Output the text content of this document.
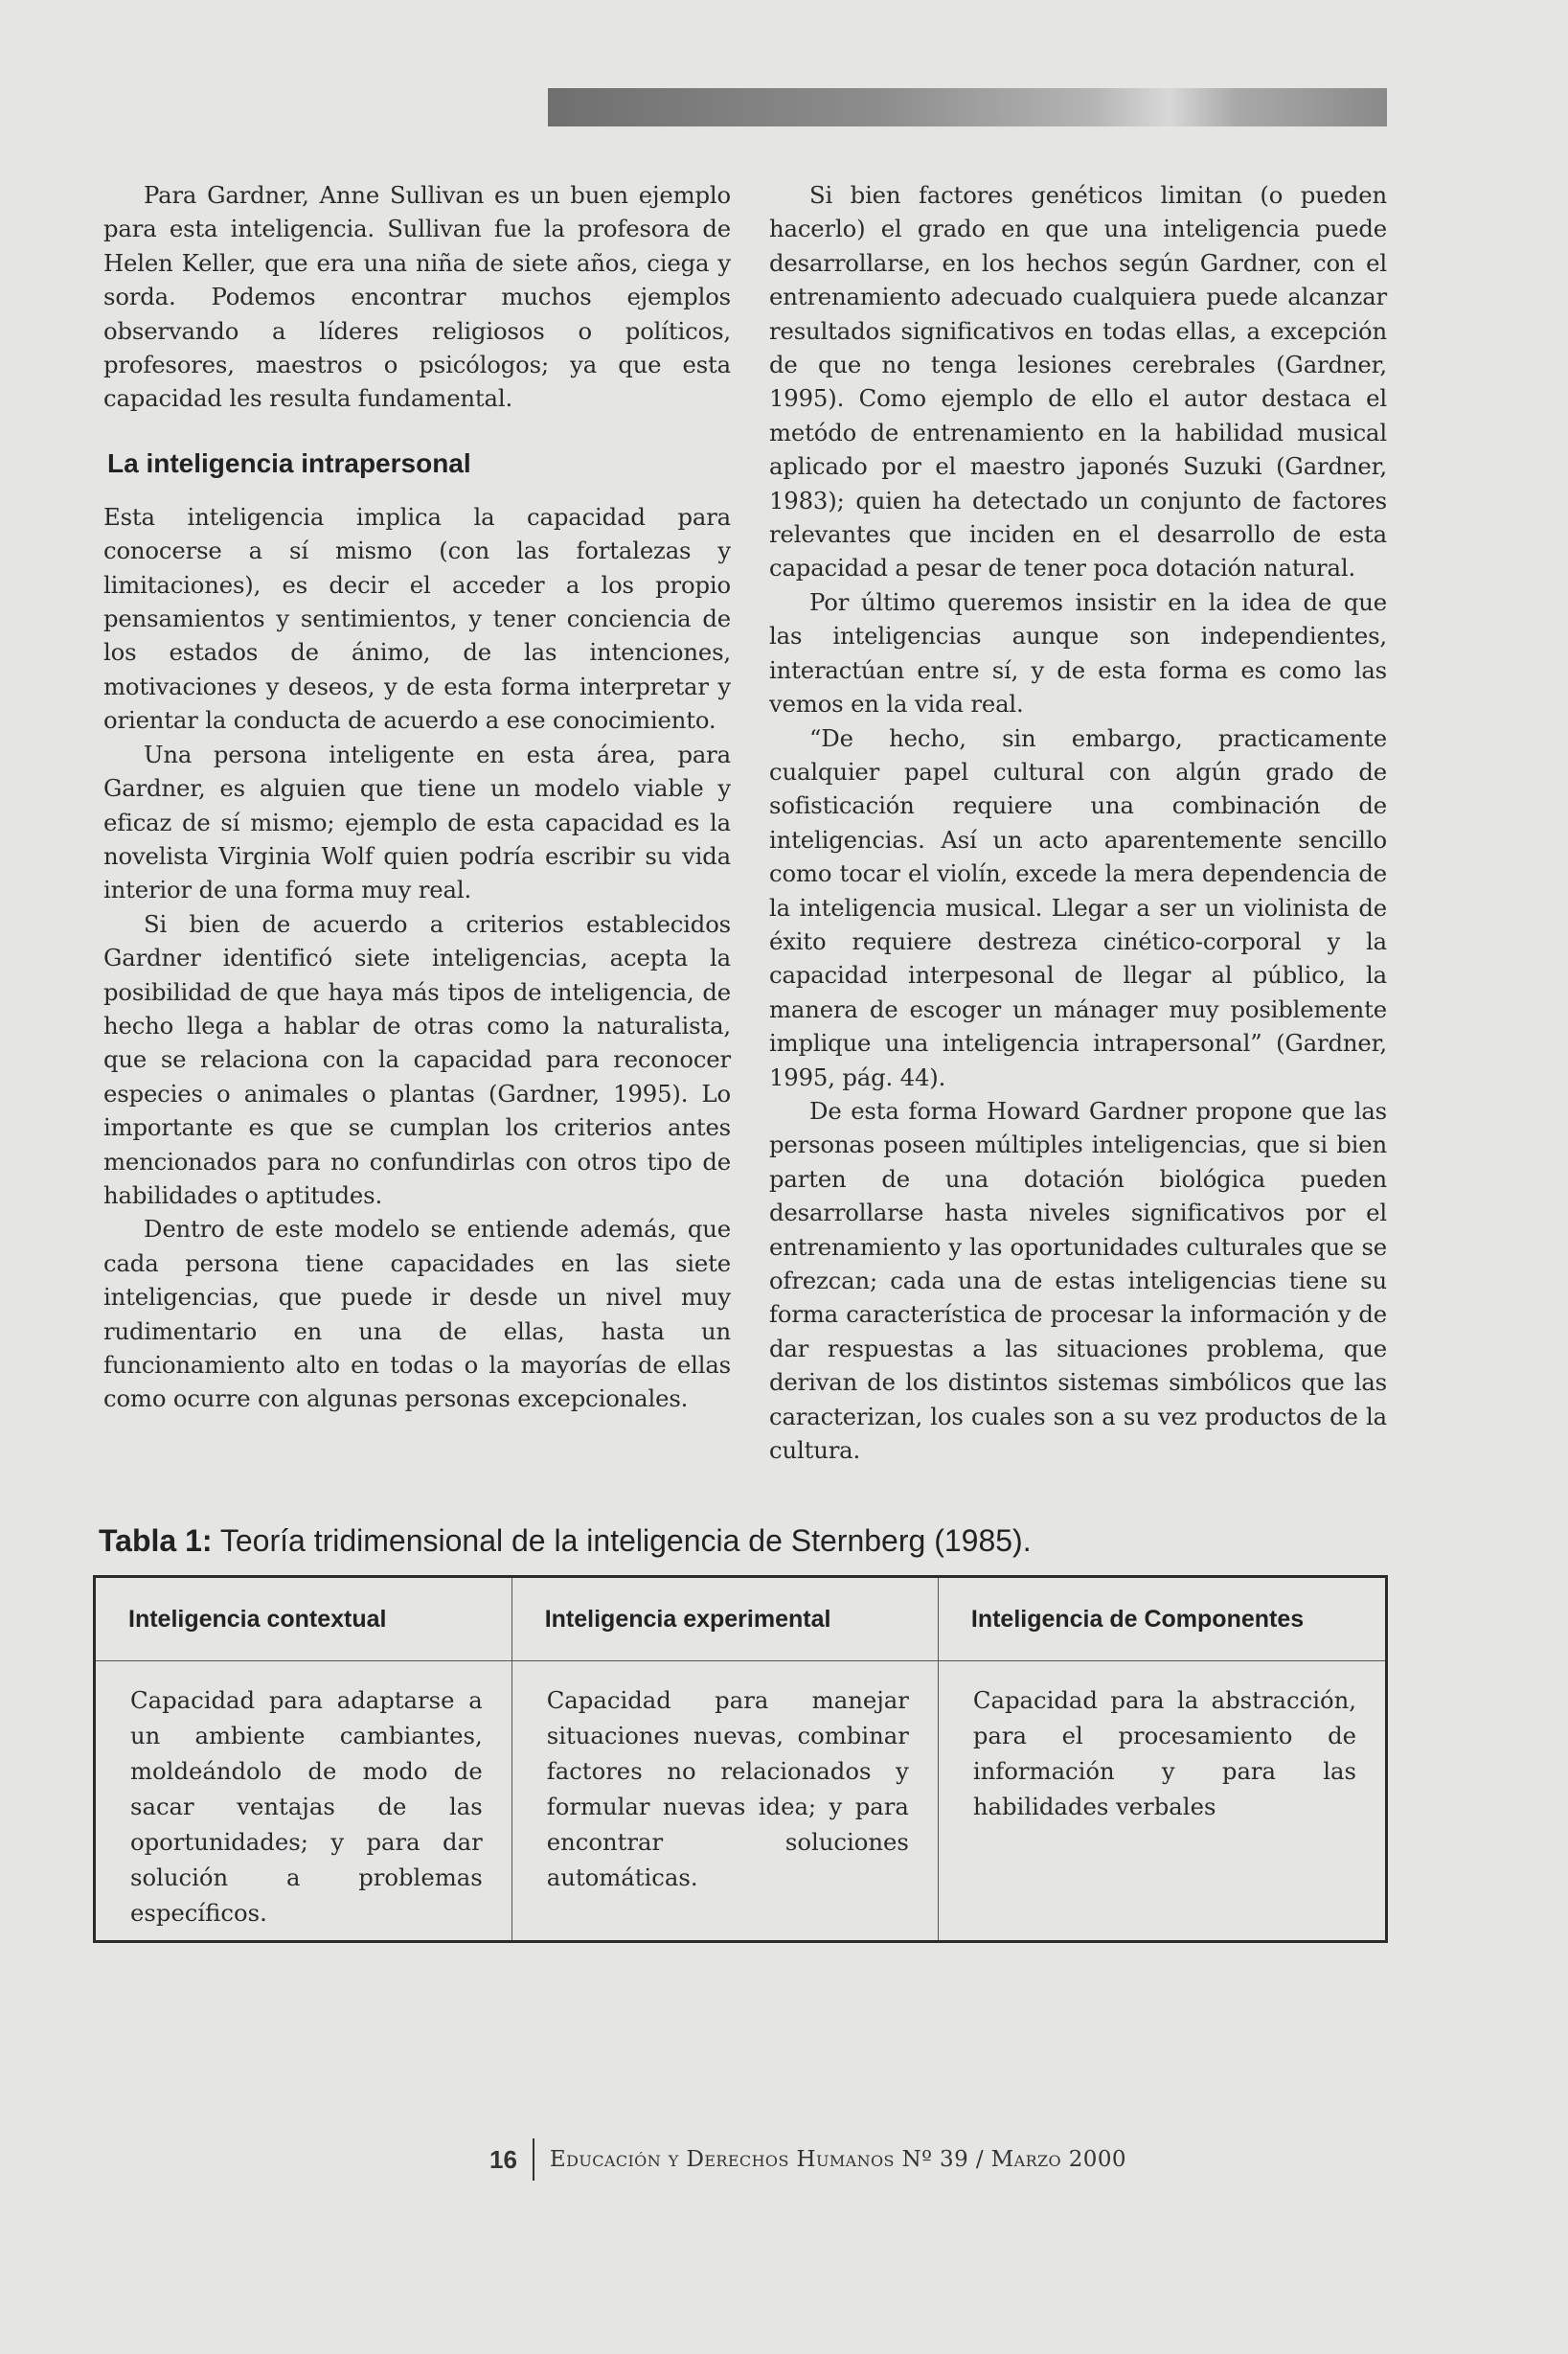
Para Gardner, Anne Sullivan es un buen ejemplo para esta inteligencia. Sullivan fue la profesora de Helen Keller, que era una niña de siete años, ciega y sorda. Podemos encontrar muchos ejemplos observando a líderes religiosos o políticos, profesores, maestros o psicólogos; ya que esta capacidad les resulta fundamental.

La inteligencia intrapersonal

Esta inteligencia implica la capacidad para conocerse a sí mismo (con las fortalezas y limitaciones), es decir el acceder a los propio pensamientos y sentimientos, y tener conciencia de los estados de ánimo, de las intenciones, motivaciones y deseos, y de esta forma interpretar y orientar la conducta de acuerdo a ese conocimiento.

Una persona inteligente en esta área, para Gardner, es alguien que tiene un modelo viable y eficaz de sí mismo; ejemplo de esta capacidad es la novelista Virginia Wolf quien podría escribir su vida interior de una forma muy real.

Si bien de acuerdo a criterios establecidos Gardner identificó siete inteligencias, acepta la posibilidad de que haya más tipos de inteligencia, de hecho llega a hablar de otras como la naturalista, que se relaciona con la capacidad para reconocer especies o animales o plantas (Gardner, 1995). Lo importante es que se cumplan los criterios antes mencionados para no confundirlas con otros tipo de habilidades o aptitudes.

Dentro de este modelo se entiende además, que cada persona tiene capacidades en las siete inteligencias, que puede ir desde un nivel muy rudimentario en una de ellas, hasta un funcionamiento alto en todas o la mayorías de ellas como ocurre con algunas personas excepcionales.

Si bien factores genéticos limitan (o pueden hacerlo) el grado en que una inteligencia puede desarrollarse, en los hechos según Gardner, con el entrenamiento adecuado cualquiera puede alcanzar resultados significativos en todas ellas, a excepción de que no tenga lesiones cerebrales (Gardner, 1995). Como ejemplo de ello el autor destaca el metódo de entrenamiento en la habilidad musical aplicado por el maestro japonés Suzuki (Gardner, 1983); quien ha detectado un conjunto de factores relevantes que inciden en el desarrollo de esta capacidad a pesar de tener poca dotación natural.

Por último queremos insistir en la idea de que las inteligencias aunque son independientes, interactúan entre sí, y de esta forma es como las vemos en la vida real.

“De hecho, sin embargo, practicamente cualquier papel cultural con algún grado de sofisticación requiere una combinación de inteligencias. Así un acto aparentemente sencillo como tocar el violín, excede la mera dependencia de la inteligencia musical. Llegar a ser un violinista de éxito requiere destreza cinético-corporal y la capacidad interpesonal de llegar al público, la manera de escoger un mánager muy posiblemente implique una inteligencia intrapersonal” (Gardner, 1995, pág. 44).

De esta forma Howard Gardner propone que las personas poseen múltiples inteligencias, que si bien parten de una dotación biológica pueden desarrollarse hasta niveles significativos por el entrenamiento y las oportunidades culturales que se ofrezcan; cada una de estas inteligencias tiene su forma característica de procesar la información y de dar respuestas a las situaciones problema, que derivan de los distintos sistemas simbólicos que las caracterizan, los cuales son a su vez productos de la cultura.

Tabla 1: Teoría tridimensional de la inteligencia de Sternberg (1985).

Inteligencia contextual	Inteligencia experimental	Inteligencia de Componentes
Capacidad para adaptarse a un ambiente cambiantes, moldeándolo de modo de sacar ventajas de las oportunidades; y para dar solución a problemas específicos.	Capacidad para manejar situaciones nuevas, combinar factores no relacionados y formular nuevas idea; y para encontrar soluciones automáticas.	Capacidad para la abstracción, para el procesamiento de información y para las habilidades verbales
16 Educación y Derechos Humanos Nº 39 / Marzo 2000
